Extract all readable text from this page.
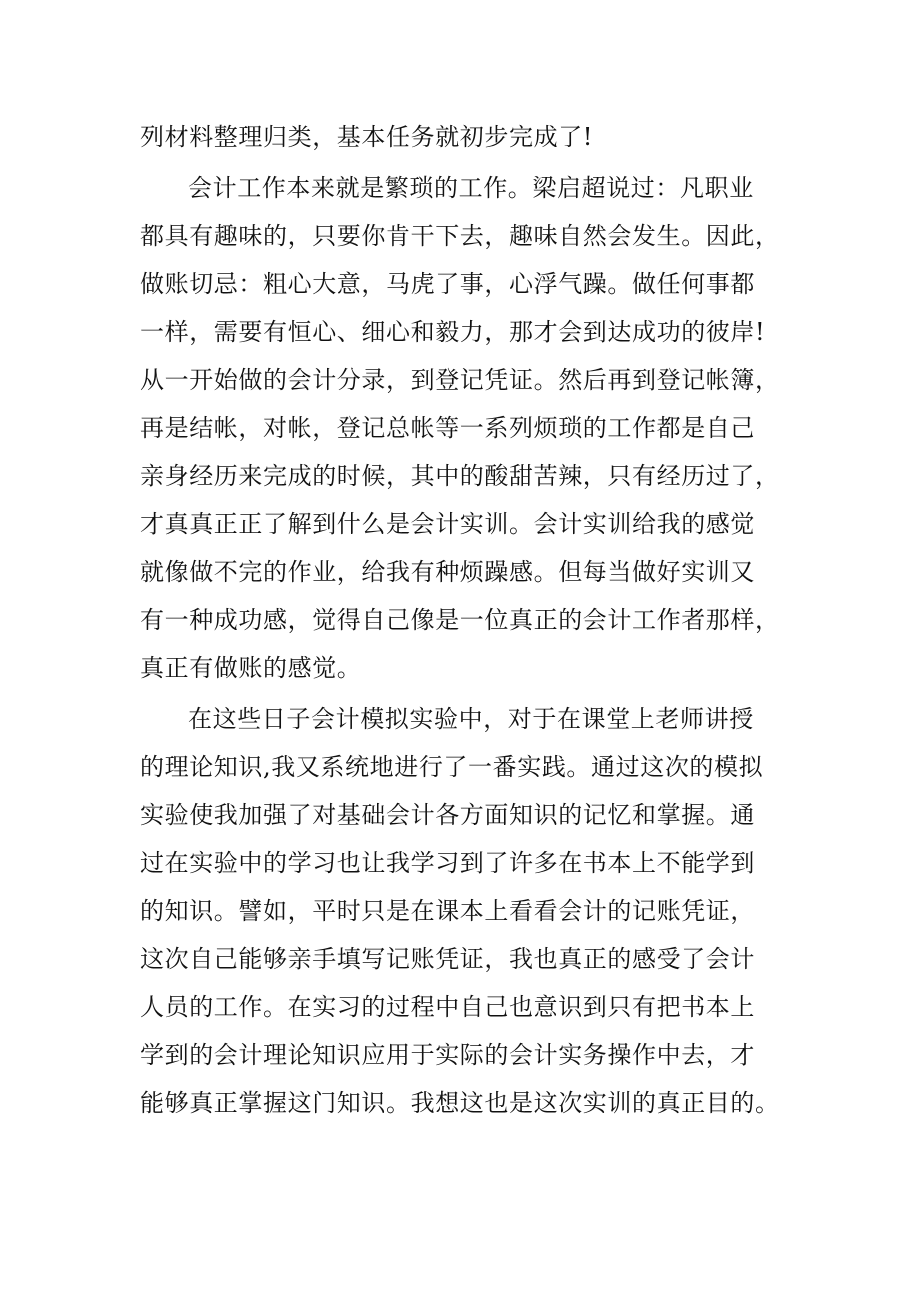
列材料整理归类，基本任务就初步完成了!
会计工作本来就是繁琐的工作。梁启超说过：凡职业
都具有趣味的，只要你肯干下去，趣味自然会发生。因此，
做账切忌：粗心大意，马虎了事，心浮气躁。做任何事都
一样，需要有恒心、细心和毅力，那才会到达成功的彼岸!
从一开始做的会计分录，到登记凭证。然后再到登记帐簿，
再是结帐，对帐，登记总帐等一系列烦琐的工作都是自己
亲身经历来完成的时候，其中的酸甜苦辣，只有经历过了，
才真真正正了解到什么是会计实训。会计实训给我的感觉
就像做不完的作业，给我有种烦躁感。但每当做好实训又
有一种成功感，觉得自己像是一位真正的会计工作者那样，
真正有做账的感觉。
在这些日子会计模拟实验中，对于在课堂上老师讲授
的理论知识,我又系统地进行了一番实践。通过这次的模拟
实验使我加强了对基础会计各方面知识的记忆和掌握。通
过在实验中的学习也让我学习到了许多在书本上不能学到
的知识。譬如，平时只是在课本上看看会计的记账凭证，
这次自己能够亲手填写记账凭证，我也真正的感受了会计
人员的工作。在实习的过程中自己也意识到只有把书本上
学到的会计理论知识应用于实际的会计实务操作中去，才
能够真正掌握这门知识。我想这也是这次实训的真正目的。
